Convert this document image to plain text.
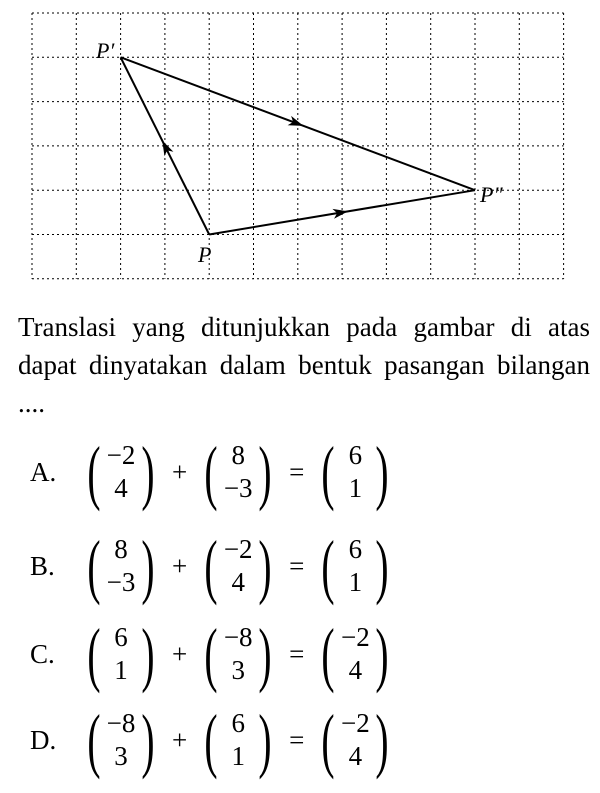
P′
P″
P
Translasi yang ditunjukkan pada gambar di atas dapat dinyatakan dalam bentuk pasangan bilangan ....
A. ( −2
4 ) + ( 8
−3 ) = ( 6
1 )
B. ( 8
−3 ) + ( −2
4 ) = ( 6
1 )
C. ( 6
1 ) + ( −8
3 ) = ( −2
4 )
D. ( −8
3 ) + ( 6
1 ) = ( −2
4 )
